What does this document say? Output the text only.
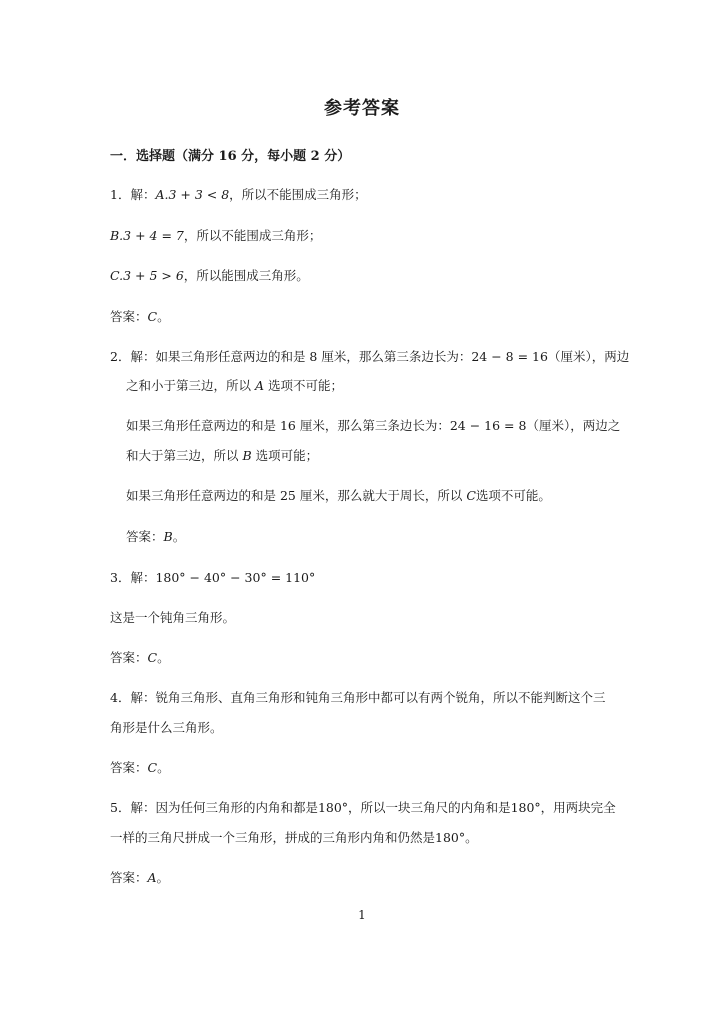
参考答案
一．选择题（满分 16 分，每小题 2 分）
1．解：A.3 + 3 < 8，所以不能围成三角形；
B.3 + 4 = 7，所以不能围成三角形；
C.3 + 5 > 6，所以能围成三角形。
答案：C。
2．解：如果三角形任意两边的和是 8 厘米，那么第三条边长为：24 − 8 = 16（厘米），两边
之和小于第三边，所以 A 选项不可能；
如果三角形任意两边的和是 16 厘米，那么第三条边长为：24 − 16 = 8（厘米），两边之
和大于第三边，所以 B 选项可能；
如果三角形任意两边的和是 25 厘米，那么就大于周长，所以 C选项不可能。
答案：B。
3．解：180° − 40° − 30° = 110°
这是一个钝角三角形。
答案：C。
4．解：锐角三角形、直角三角形和钝角三角形中都可以有两个锐角，所以不能判断这个三
角形是什么三角形。
答案：C。
5．解：因为任何三角形的内角和都是180°，所以一块三角尺的内角和是180°，用两块完全
一样的三角尺拼成一个三角形，拼成的三角形内角和仍然是180°。
答案：A。
1
